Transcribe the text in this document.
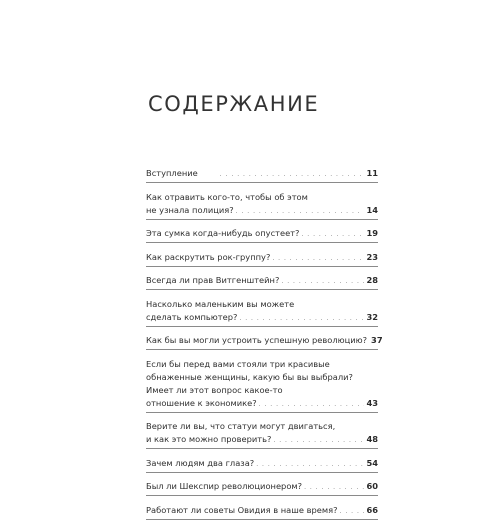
СОДЕРЖАНИЕ
Вступление . . .	11
Как отравить кого-то, чтобы об этом
не узнала полиция? . . .	14
Эта сумка когда-нибудь опустеет? . . .	19
Как раскрутить рок-группу? . . .	23
Всегда ли прав Витгенштейн? . . .	28
Насколько маленьким вы можете
сделать компьютер? . . .	32
Как бы вы могли устроить успешную революцию? 37
Если бы перед вами стояли три красивые
обнаженные женщины, какую бы вы выбрали?
Имеет ли этот вопрос какое-то
отношение к экономике? . . .	43
Верите ли вы, что статуи могут двигаться,
и как это можно проверить? . . .	48
Зачем людям два глаза? . . .	54
Был ли Шекспир революционером? . . .	60
Работают ли советы Овидия в наше время? . . .	66
